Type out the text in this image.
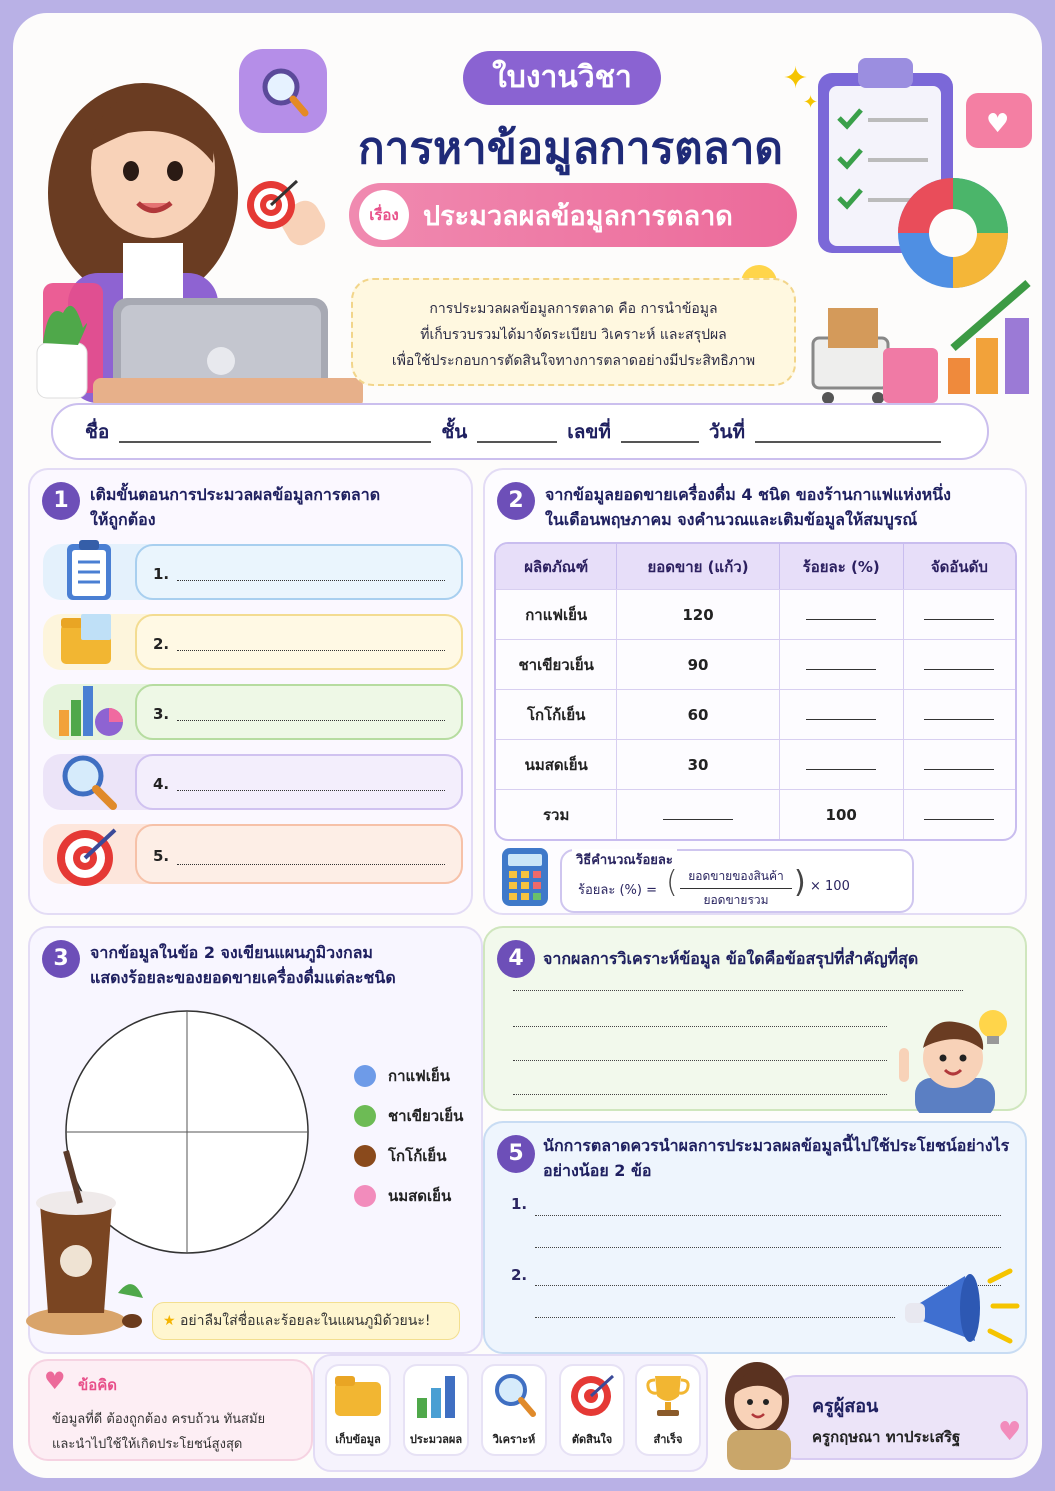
✦
✦
♥
ใบงานวิชา
การหาข้อมูลการตลาด
เรื่อง ประมวลผลข้อมูลการตลาด
การประมวลผลข้อมูลการตลาด คือ การนำข้อมูล
ที่เก็บรวบรวมได้มาจัดระเบียบ วิเคราะห์ และสรุปผล
เพื่อใช้ประกอบการตัดสินใจทางการตลาดอย่างมีประสิทธิภาพ
ชื่อ	ชั้น	เลขที่	วันที่
1	เติมขั้นตอนการประมวลผลข้อมูลการตลาด
ให้ถูกต้อง
1.
2.
3.
4.
5.
2	จากข้อมูลยอดขายเครื่องดื่ม 4 ชนิด ของร้านกาแฟแห่งหนึ่ง
ในเดือนพฤษภาคม จงคำนวณและเติมข้อมูลให้สมบูรณ์
ผลิตภัณฑ์	ยอดขาย (แก้ว)	ร้อยละ (%)	จัดอันดับ
กาแฟเย็น	120		
ชาเขียวเย็น	90		
โกโก้เย็น	60		
นมสดเย็น	30		
รวม		100	
วิธีคำนวณร้อยละ
ร้อยละ (%) = ( ยอดขายของสินค้า
ยอดขายรวม ) × 100
3	จากข้อมูลในข้อ 2 จงเขียนแผนภูมิวงกลม
แสดงร้อยละของยอดขายเครื่องดื่มแต่ละชนิด
กาแฟเย็น
ชาเขียวเย็น
โกโก้เย็น
นมสดเย็น
★ อย่าลืมใส่ชื่อและร้อยละในแผนภูมิด้วยนะ!
4	จากผลการวิเคราะห์ข้อมูล ข้อใดคือข้อสรุปที่สำคัญที่สุด
5	นักการตลาดควรนำผลการประมวลผลข้อมูลนี้ไปใช้ประโยชน์อย่างไร
อย่างน้อย 2 ข้อ
1.
2.
♥ ข้อคิด
ข้อมูลที่ดี ต้องถูกต้อง ครบถ้วน ทันสมัย
และนำไปใช้ให้เกิดประโยชน์สูงสุด	เก็บข้อมูล	ประมวลผล	วิเคราะห์	ตัดสินใจ	สำเร็จ
ครูผู้สอน
ครูกฤษณา ทาประเสริฐ ♥
